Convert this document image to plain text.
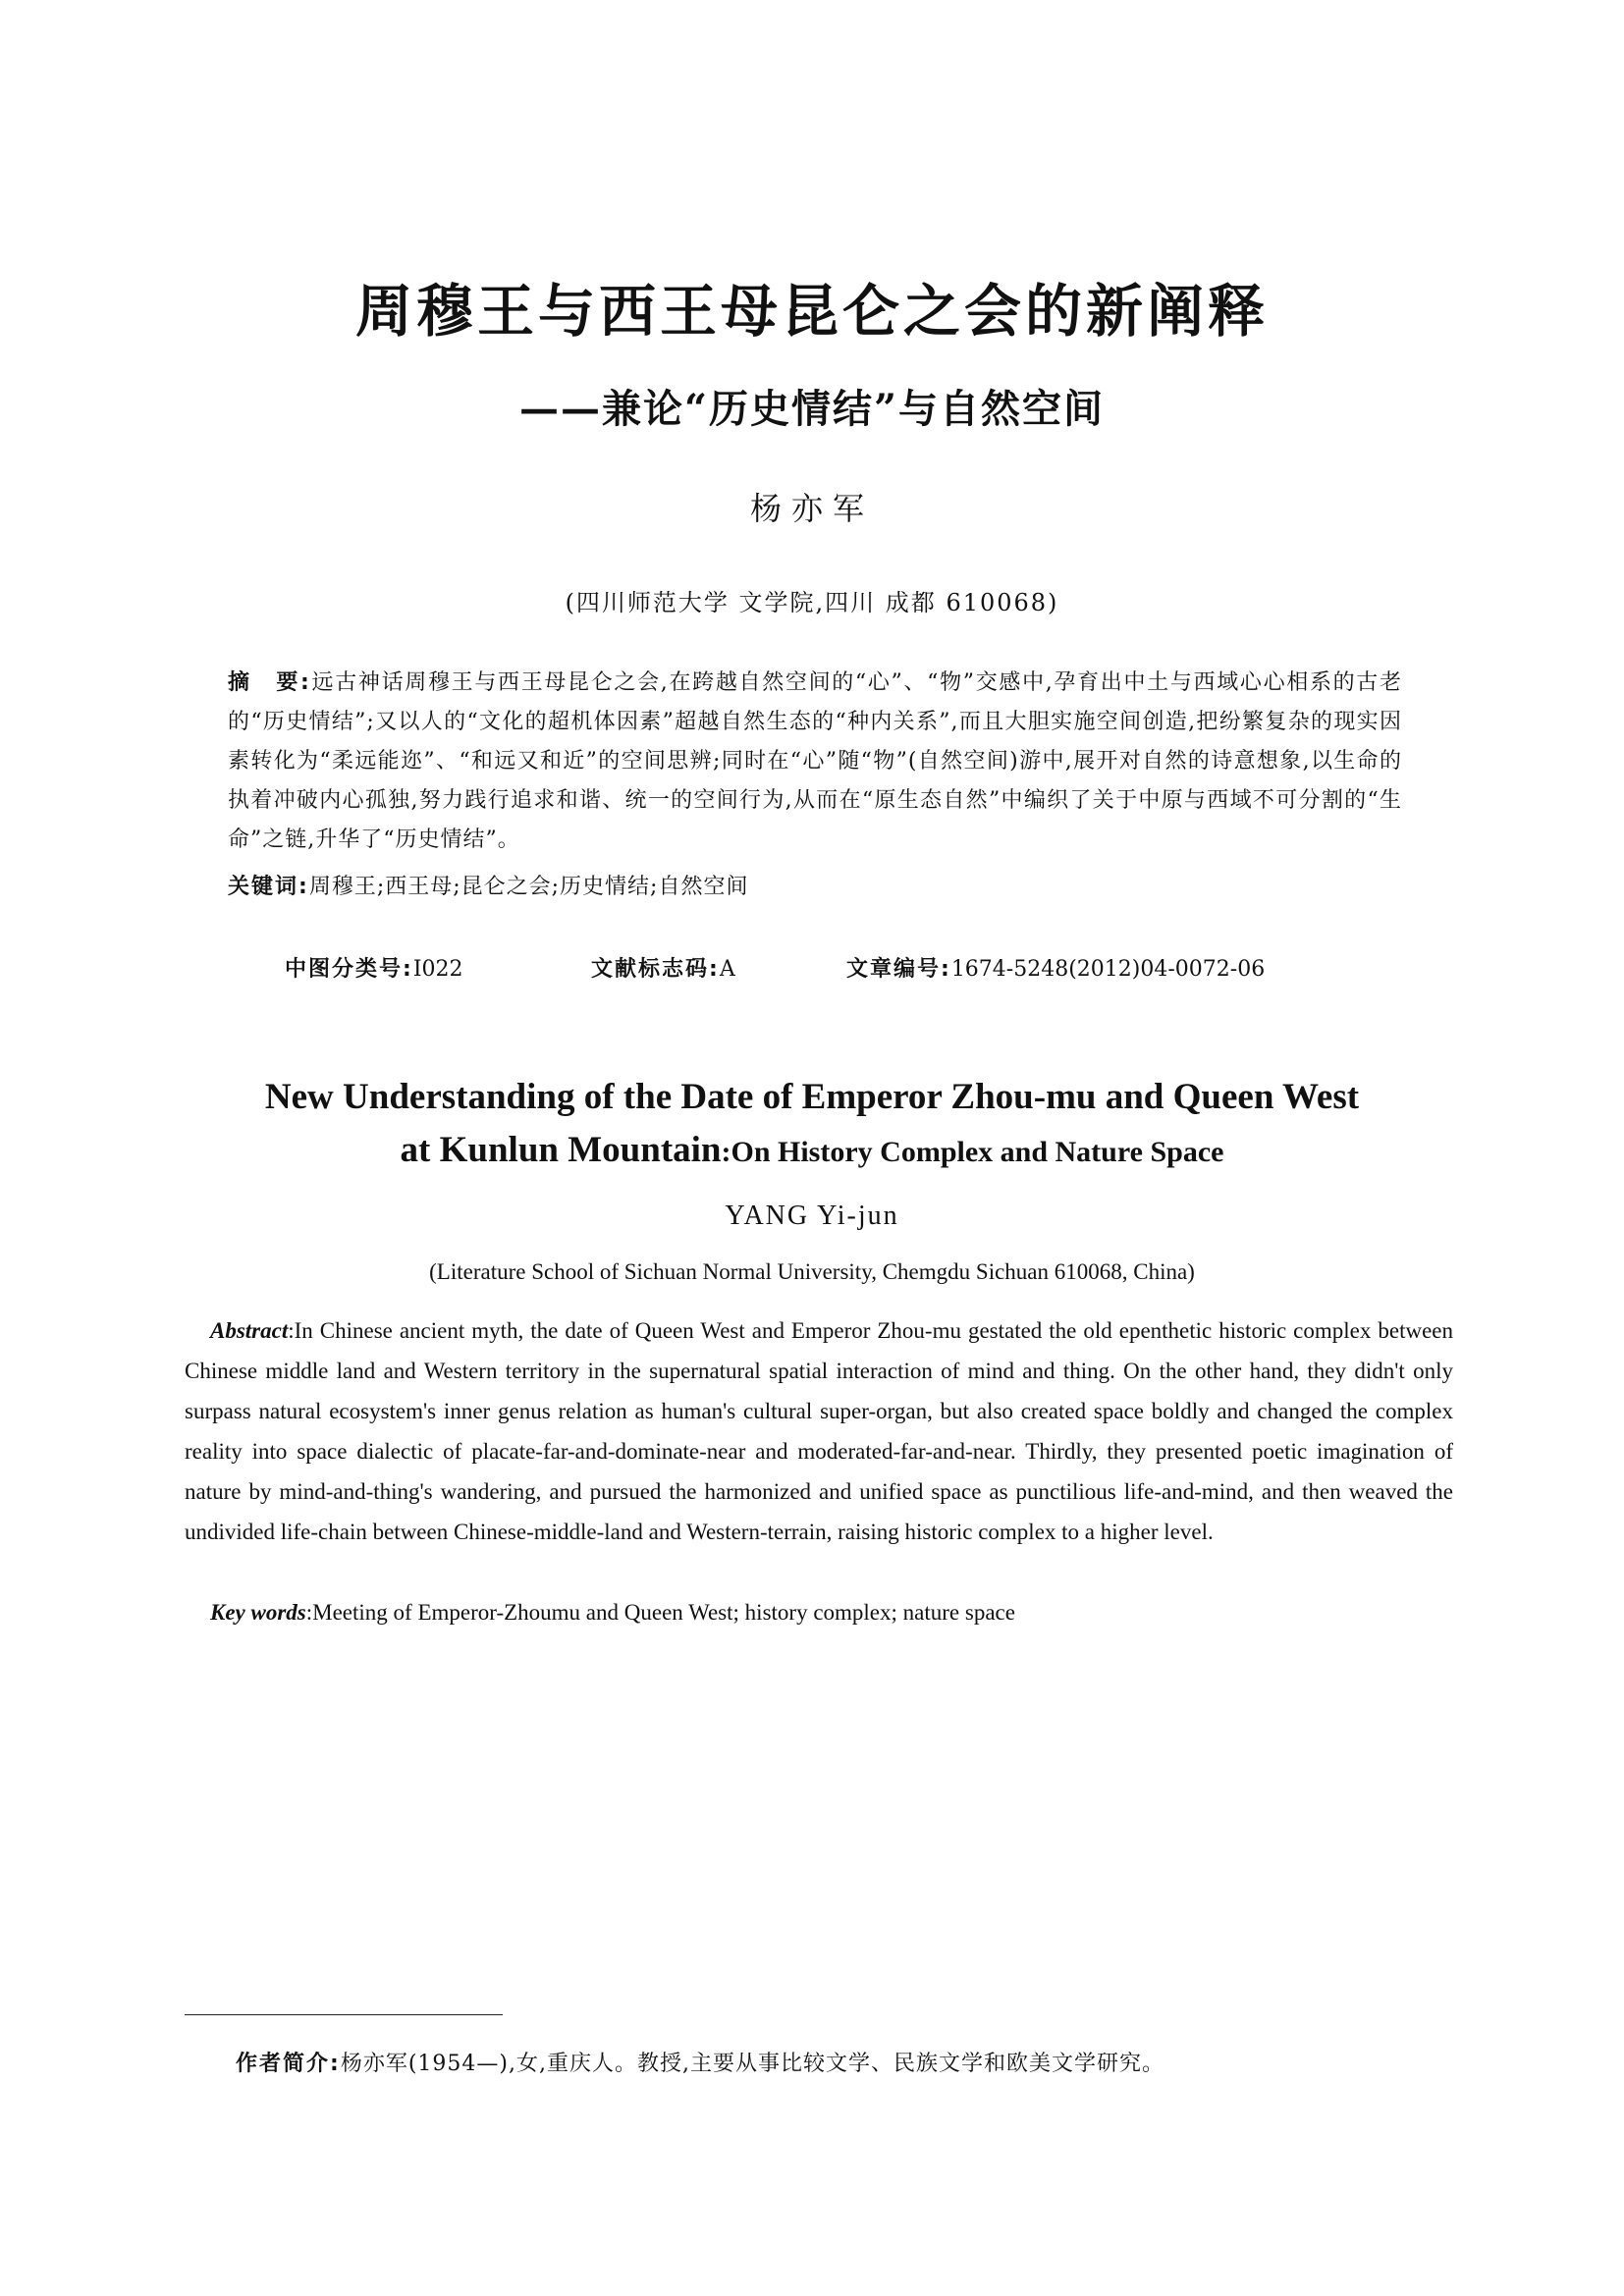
周穆王与西王母昆仑之会的新阐释
——兼论“历史情结”与自然空间
杨亦军
(四川师范大学 文学院,四川 成都 610068)
摘　要:远古神话周穆王与西王母昆仑之会,在跨越自然空间的“心”、“物”交感中,孕育出中土与西域心心相系的古老的“历史情结”;又以人的“文化的超机体因素”超越自然生态的“种内关系”,而且大胆实施空间创造,把纷繁复杂的现实因素转化为“柔远能迩”、“和远又和近”的空间思辨;同时在“心”随“物”(自然空间)游中,展开对自然的诗意想象,以生命的执着冲破内心孤独,努力践行追求和谐、统一的空间行为,从而在“原生态自然”中编织了关于中原与西域不可分割的“生命”之链,升华了“历史情结”。
关键词:周穆王;西王母;昆仑之会;历史情结;自然空间
中图分类号:I022	文献标志码:A	文章编号:1674-5248(2012)04-0072-06
New Understanding of the Date of Emperor Zhou-mu and Queen West
at Kunlun Mountain:On History Complex and Nature Space
YANG Yi-jun
(Literature School of Sichuan Normal University, Chemgdu Sichuan 610068, China)
Abstract:In Chinese ancient myth, the date of Queen West and Emperor Zhou-mu gestated the old epenthetic historic complex between Chinese middle land and Western territory in the supernatural spatial interaction of mind and thing. On the other hand, they didn't only surpass natural ecosystem's inner genus relation as human's cultural super-organ, but also created space boldly and changed the complex reality into space dialectic of placate-far-and-dominate-near and moderated-far-and-near. Thirdly, they presented poetic imagination of nature by mind-and-thing's wandering, and pursued the harmonized and unified space as punctilious life-and-mind, and then weaved the undivided life-chain between Chinese-middle-land and Western-terrain, raising historic complex to a higher level.
Key words:Meeting of Emperor-Zhoumu and Queen West; history complex; nature space
作者简介:杨亦军(1954—),女,重庆人。教授,主要从事比较文学、民族文学和欧美文学研究。
